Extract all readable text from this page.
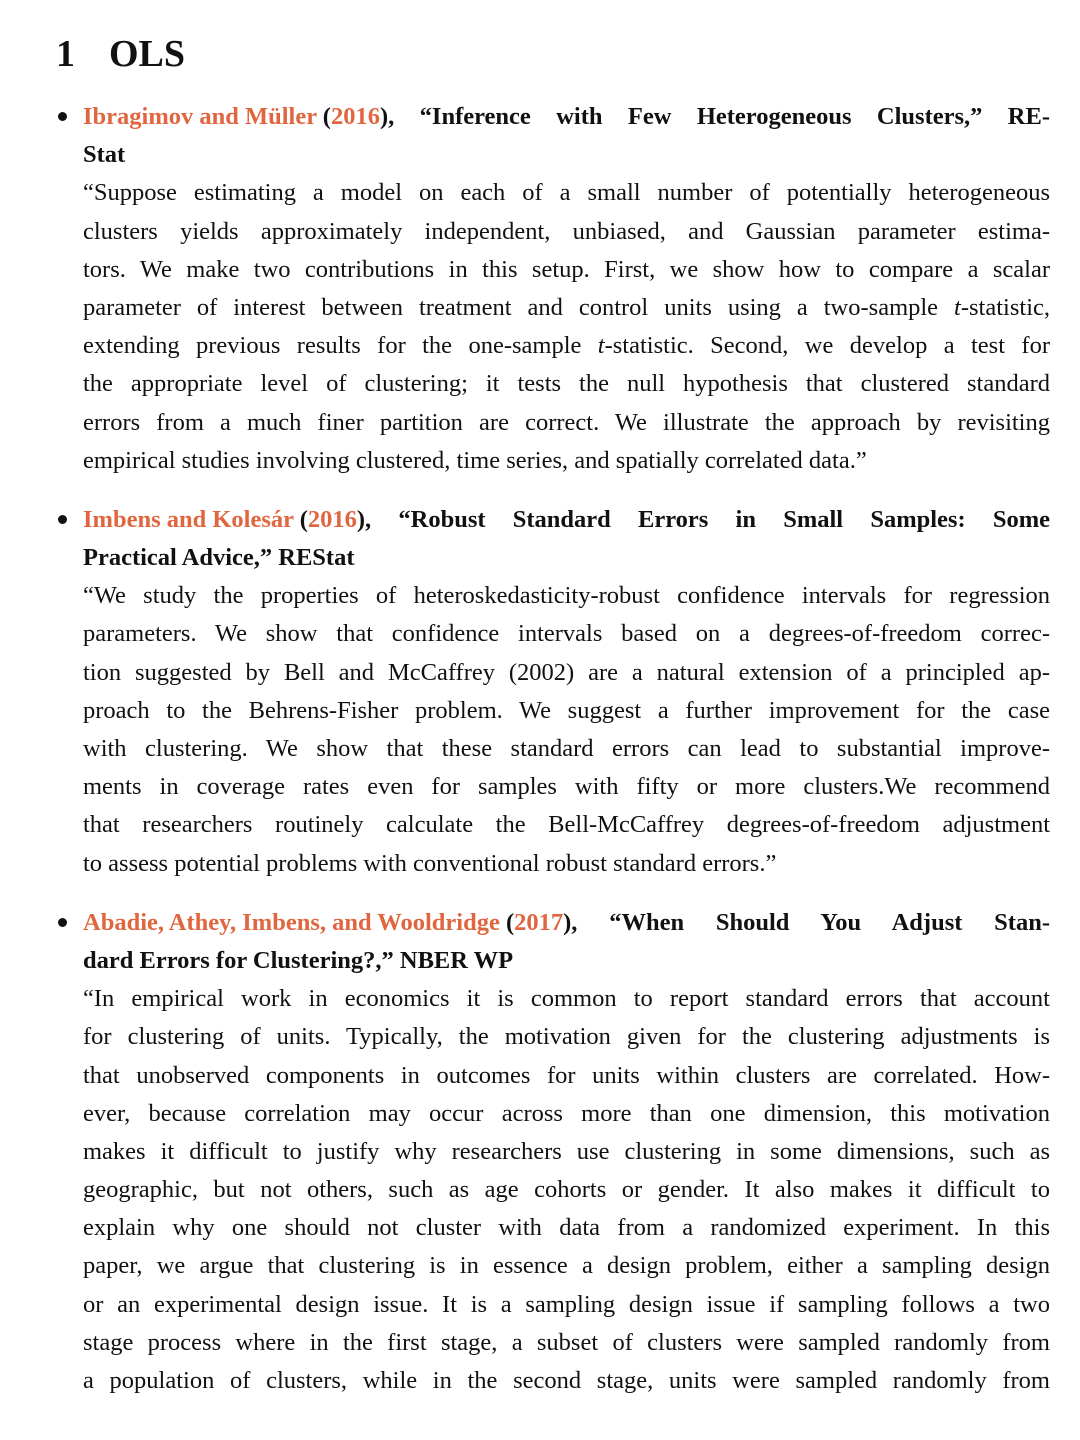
1 OLS
Ibragimov and Müller (2016 ), “Inference with Few Heterogeneous Clusters,” RE-
Stat
“Suppose estimating a model on each of a small number of potentially heterogeneous
clusters yields approximately independent, unbiased, and Gaussian parameter estima-
tors. We make two contributions in this setup. First, we show how to compare a scalar
parameter of interest between treatment and control units using a two-sample t-statistic,
extending previous results for the one-sample t-statistic. Second, we develop a test for
the appropriate level of clustering; it tests the null hypothesis that clustered standard
errors from a much finer partition are correct. We illustrate the approach by revisiting
empirical studies involving clustered, time series, and spatially correlated data.”
Imbens and Kolesár (2016 ), “Robust Standard Errors in Small Samples: Some
Practical Advice,” REStat
“We study the properties of heteroskedasticity-robust confidence intervals for regression
parameters. We show that confidence intervals based on a degrees-of-freedom correc-
tion suggested by Bell and McCaffrey (2002) are a natural extension of a principled ap-
proach to the Behrens-Fisher problem. We suggest a further improvement for the case
with clustering. We show that these standard errors can lead to substantial improve-
ments in coverage rates even for samples with fifty or more clusters.We recommend
that researchers routinely calculate the Bell-McCaffrey degrees-of-freedom adjustment
to assess potential problems with conventional robust standard errors.”
Abadie, Athey, Imbens, and Wooldridge (2017 ), “When Should You Adjust Stan-
dard Errors for Clustering?,” NBER WP
“In empirical work in economics it is common to report standard errors that account
for clustering of units. Typically, the motivation given for the clustering adjustments is
that unobserved components in outcomes for units within clusters are correlated. How-
ever, because correlation may occur across more than one dimension, this motivation
makes it difficult to justify why researchers use clustering in some dimensions, such as
geographic, but not others, such as age cohorts or gender. It also makes it difficult to
explain why one should not cluster with data from a randomized experiment. In this
paper, we argue that clustering is in essence a design problem, either a sampling design
or an experimental design issue. It is a sampling design issue if sampling follows a two
stage process where in the first stage, a subset of clusters were sampled randomly from
a population of clusters, while in the second stage, units were sampled randomly from
